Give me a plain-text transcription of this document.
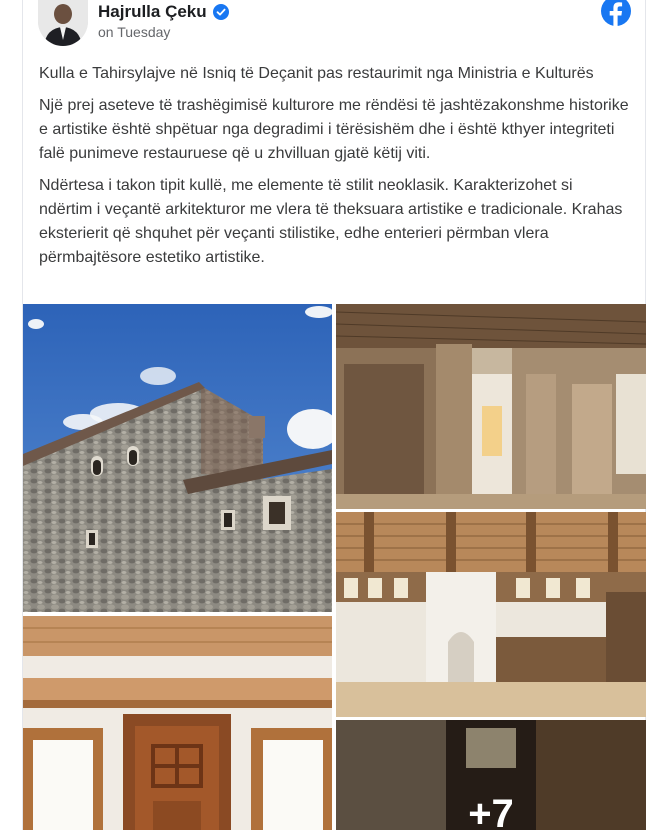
Hajrulla Çeku
on Tuesday

Kulla e Tahirsylajve në Isniq të Deçanit pas restaurimit nga Ministria e Kulturës

Një prej aseteve të trashëgimisë kulturore me rëndësi të jashtëzakonshme historike e artistike është shpëtuar nga degradimi i tërësishëm dhe i është kthyer integriteti falë punimeve restauruese që u zhvilluan gjatë këtij viti.

Ndërtesa i takon tipit kullë, me elemente të stilit neoklasik. Karakterizohet si ndërtim i veçantë arkitekturor me vlera të theksuara artistike e tradicionale. Krahas eksterierit që shquhet për veçanti stilistike, edhe enterieri përmban vlera përmbajtësore estetiko artistike.

+7
